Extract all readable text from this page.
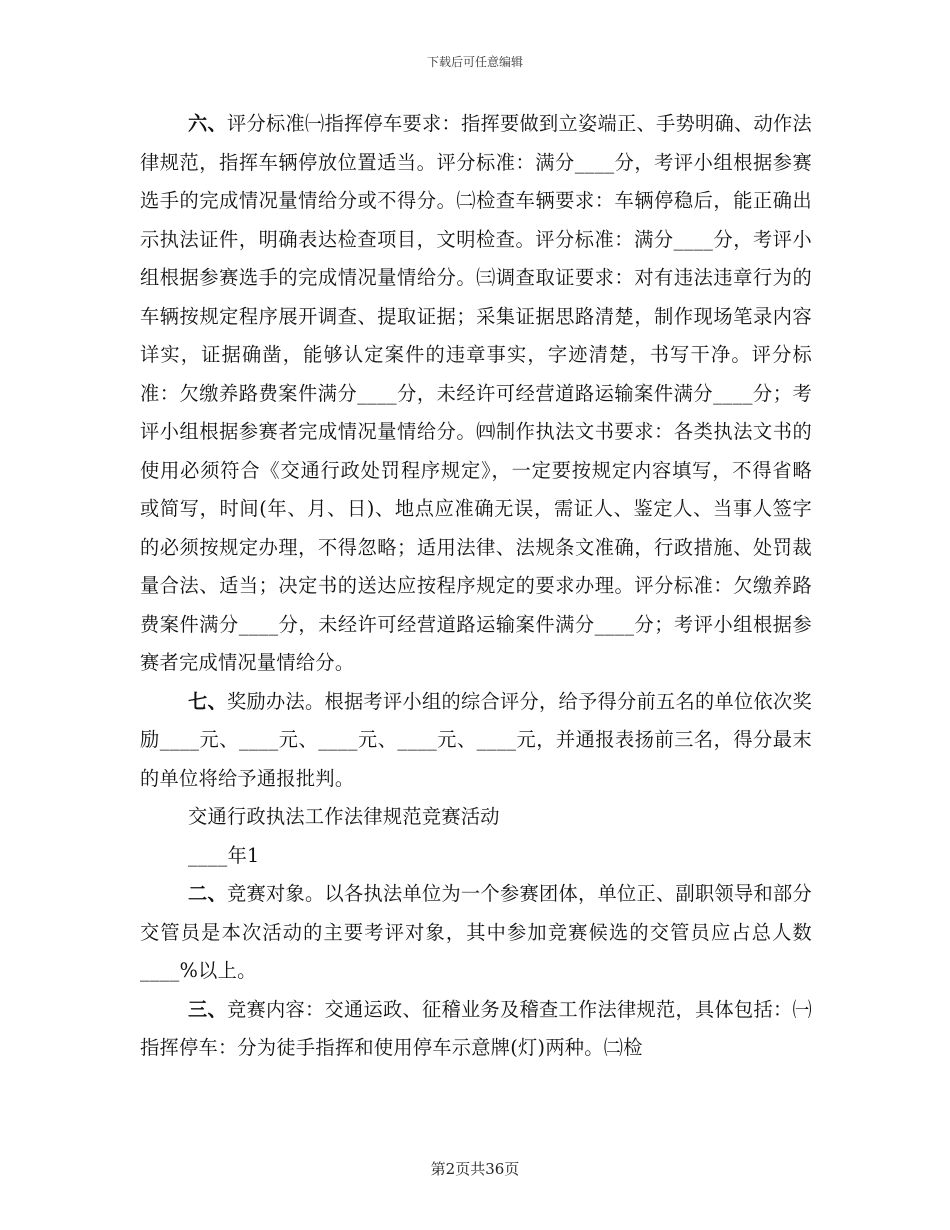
下载后可任意编辑

六、评分标准㈠指挥停车要求：指挥要做到立姿端正、手势明确、动作法律规范，指挥车辆停放位置适当。评分标准：满分____分，考评小组根据参赛选手的完成情况量情给分或不得分。㈡检查车辆要求：车辆停稳后，能正确出示执法证件，明确表达检查项目，文明检查。评分标准：满分____分，考评小组根据参赛选手的完成情况量情给分。㈢调查取证要求：对有违法违章行为的车辆按规定程序展开调查、提取证据；采集证据思路清楚，制作现场笔录内容详实，证据确凿，能够认定案件的违章事实，字迹清楚，书写干净。评分标准：欠缴养路费案件满分____分，未经许可经营道路运输案件满分____分；考评小组根据参赛者完成情况量情给分。㈣制作执法文书要求：各类执法文书的使用必须符合《交通行政处罚程序规定》，一定要按规定内容填写，不得省略或简写，时间(年、月、日)、地点应准确无误，需证人、鉴定人、当事人签字的必须按规定办理，不得忽略；适用法律、法规条文准确，行政措施、处罚裁量合法、适当；决定书的送达应按程序规定的要求办理。评分标准：欠缴养路费案件满分____分，未经许可经营道路运输案件满分____分；考评小组根据参赛者完成情况量情给分。

七、奖励办法。根据考评小组的综合评分，给予得分前五名的单位依次奖励____元、____元、____元、____元、____元，并通报表扬前三名，得分最末的单位将给予通报批判。

交通行政执法工作法律规范竞赛活动

____年1

二、竞赛对象。以各执法单位为一个参赛团体，单位正、副职领导和部分交管员是本次活动的主要考评对象，其中参加竞赛候选的交管员应占总人数____%以上。

三、竞赛内容：交通运政、征稽业务及稽查工作法律规范，具体包括：㈠指挥停车：分为徒手指挥和使用停车示意牌(灯)两种。㈡检

第2页共36页
